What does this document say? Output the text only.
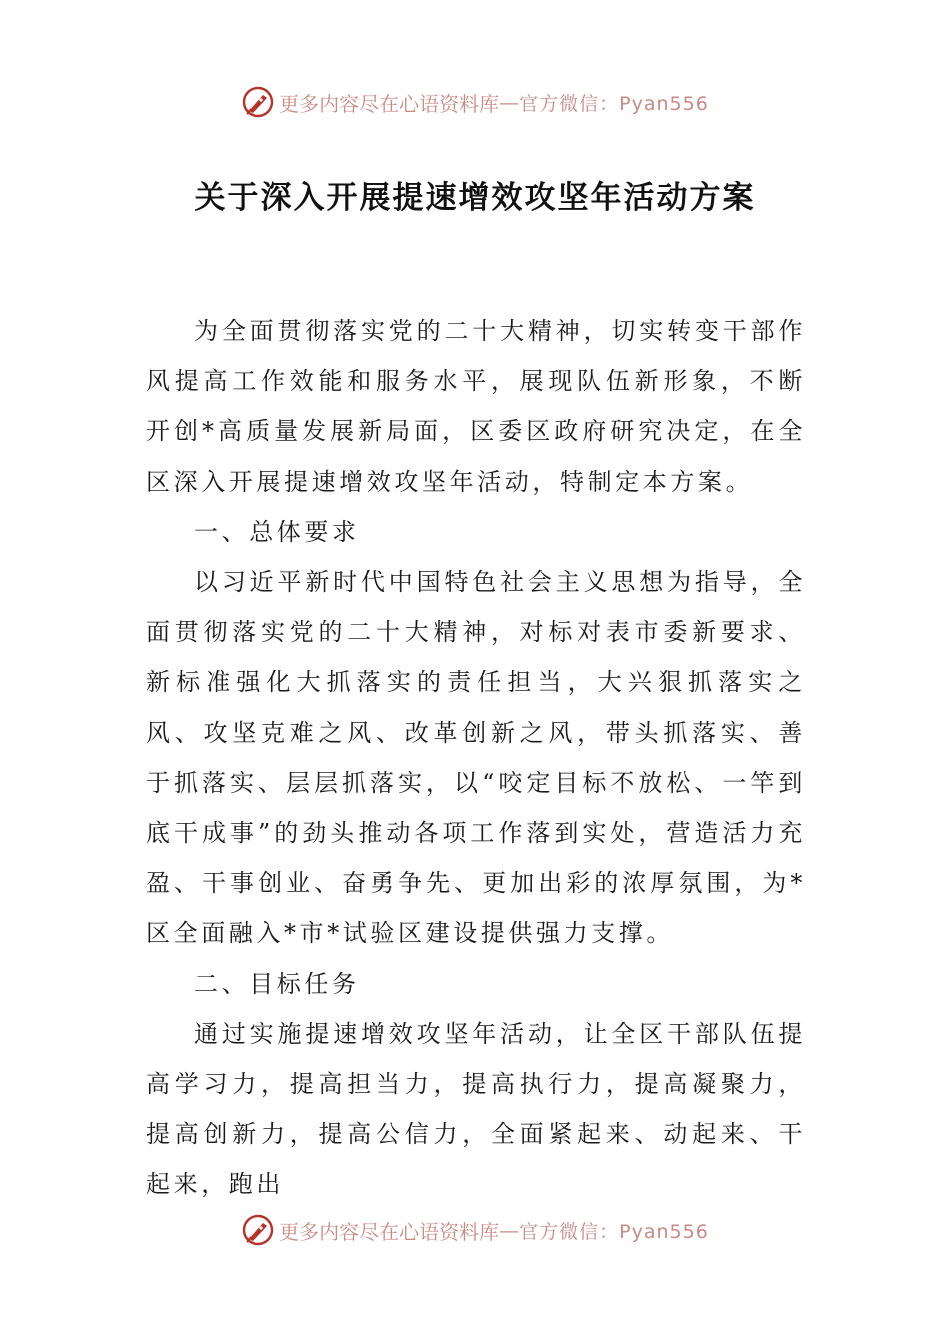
更多内容尽在心语资料库 — 官方微信：Pyan556
关于深入开展提速增效攻坚年活动方案

为全面贯彻落实党的二十大精神，切实转变干部作风提高工作效能和服务水平，展现队伍新形象，不断开创*高质量发展新局面，区委区政府研究决定，在全区深入开展提速增效攻坚年活动，特制定本方案。

一、总体要求

以习近平新时代中国特色社会主义思想为指导，全面贯彻落实党的二十大精神，对标对表市委新要求、新标准强化大抓落实的责任担当，大兴狠抓落实之风、攻坚克难之风、改革创新之风，带头抓落实、善于抓落实、层层抓落实，以“咬定目标不放松、一竿到底干成事”的劲头推动各项工作落到实处，营造活力充盈、干事创业、奋勇争先、更加出彩的浓厚氛围，为*区全面融入*市*试验区建设提供强力支撑。

二、目标任务

通过实施提速增效攻坚年活动，让全区干部队伍提高学习力，提高担当力，提高执行力，提高凝聚力，提高创新力，提高公信力，全面紧起来、动起来、干起来，跑出

更多内容尽在心语资料库 — 官方微信：Pyan556
